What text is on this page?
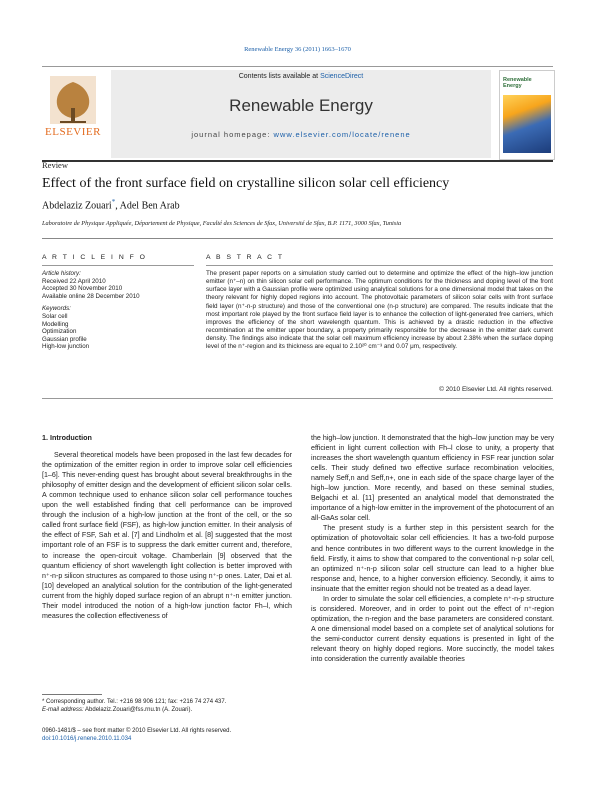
Renewable Energy 36 (2011) 1663–1670
ELSEVIER
Contents lists available at ScienceDirect
Renewable Energy
journal homepage: www.elsevier.com/locate/renene
Renewable Energy
Review
Effect of the front surface field on crystalline silicon solar cell efficiency
Abdelaziz Zouari*, Adel Ben Arab
Laboratoire de Physique Appliquée, Département de Physique, Faculté des Sciences de Sfax, Université de Sfax, B.P. 1171, 3000 Sfax, Tunisia
A R T I C L E I N F O	A B S T R A C T
Article history:
Received 22 April 2010
Accepted 30 November 2010
Available online 28 December 2010
Keywords:
Solar cell
Modelling
Optimization
Gaussian profile
High-low junction
The present paper reports on a simulation study carried out to determine and optimize the effect of the high–low junction emitter (n⁺–n) on thin silicon solar cell performance. The optimum conditions for the thickness and doping level of the front surface layer with a Gaussian profile were optimized using analytical solutions for a one dimensional model that takes on the theory relevant for highly doped regions into account. The photovoltaic parameters of silicon solar cells with front surface field layer (n⁺-n-p structure) and those of the conventional one (n-p structure) are compared. The results indicate that the most important role played by the front surface field layer is to enhance the collection of light-generated free carriers, which improves the efficiency of the short wavelength quantum. This is achieved by a drastic reduction in the effective recombination at the emitter upper boundary, a property primarily responsible for the decrease in the emitter dark current density. The findings also indicate that the solar cell maximum efficiency increase by about 2.38% when the surface doping level of the n⁺-region and its thickness are equal to 2.10²⁰ cm⁻³ and 0.07 μm, respectively.
© 2010 Elsevier Ltd. All rights reserved.
1. Introduction

Several theoretical models have been proposed in the last few decades for the optimization of the emitter region in order to improve solar cell efficiencies [1–6]. This never-ending quest has brought about several breakthroughs in the philosophy of emitter design and the development of efficient silicon solar cells. A common technique used to enhance silicon solar cell performance touches upon the well established finding that cell performance can be improved through the inclusion of a high-low junction at the front of the cell, or the so called front surface field (FSF), as high-low junction emitter. In their analysis of the effect of FSF, Sah et al. [7] and Lindholm et al. [8] suggested that the most important role of an FSF is to suppress the dark emitter current and, therefore, to increase the open-circuit voltage. Chamberlain [9] observed that the quantum efficiency of short wavelength light collection is better improved with n⁺-n-p silicon structures as compared to those using n⁺-p ones. Later, Dai et al. [10] developed an analytical solution for the contribution of the light-generated current from the highly doped surface region of an abrupt n⁺-n emitter junction. Their model introduced the notion of a high-low junction factor Fh–l, which measures the collection effectiveness of

the high–low junction. It demonstrated that the high–low junction may be very efficient in light current collection with Fh–l close to unity, a property that increases the short wavelength quantum efficiency in FSF rear junction solar cells. Their study defined two effective surface recombination velocities, namely Seff,n and Seff,n+, one in each side of the space charge layer of the high–low junction. More recently, and based on these seminal studies, Belgachi et al. [11] presented an analytical model that demonstrated the importance of a high-low emitter in the improvement of the photocurrent of an all-GaAs solar cell.

The present study is a further step in this persistent search for the optimization of photovoltaic solar cell efficiencies. It has a two-fold purpose and hence contributes in two different ways to the current knowledge in the field. Firstly, it aims to show that compared to the conventional n-p solar cell, an optimized n⁺-n-p silicon solar cell structure can lead to a higher blue response and, hence, to a higher conversion efficiency. Secondly, it aims to insinuate that the emitter region should not be treated as a dead layer.

In order to simulate the solar cell efficiencies, a complete n⁺-n-p structure is considered. Moreover, and in order to point out the effect of n⁺-region optimization, the n-region and the base parameters are considered constant. A one dimensional model based on a complete set of analytical solutions for the semi-conductor current density equations is presented in light of the relevant theory on highly doped regions. More succinctly, the model takes into consideration the currently available theories

* Corresponding author. Tel.: +216 98 906 121; fax: +216 74 274 437.
E-mail address: Abdelaziz.Zouari@fss.rnu.tn (A. Zouari).
0960-1481/$ – see front matter © 2010 Elsevier Ltd. All rights reserved.
doi:10.1016/j.renene.2010.11.034
